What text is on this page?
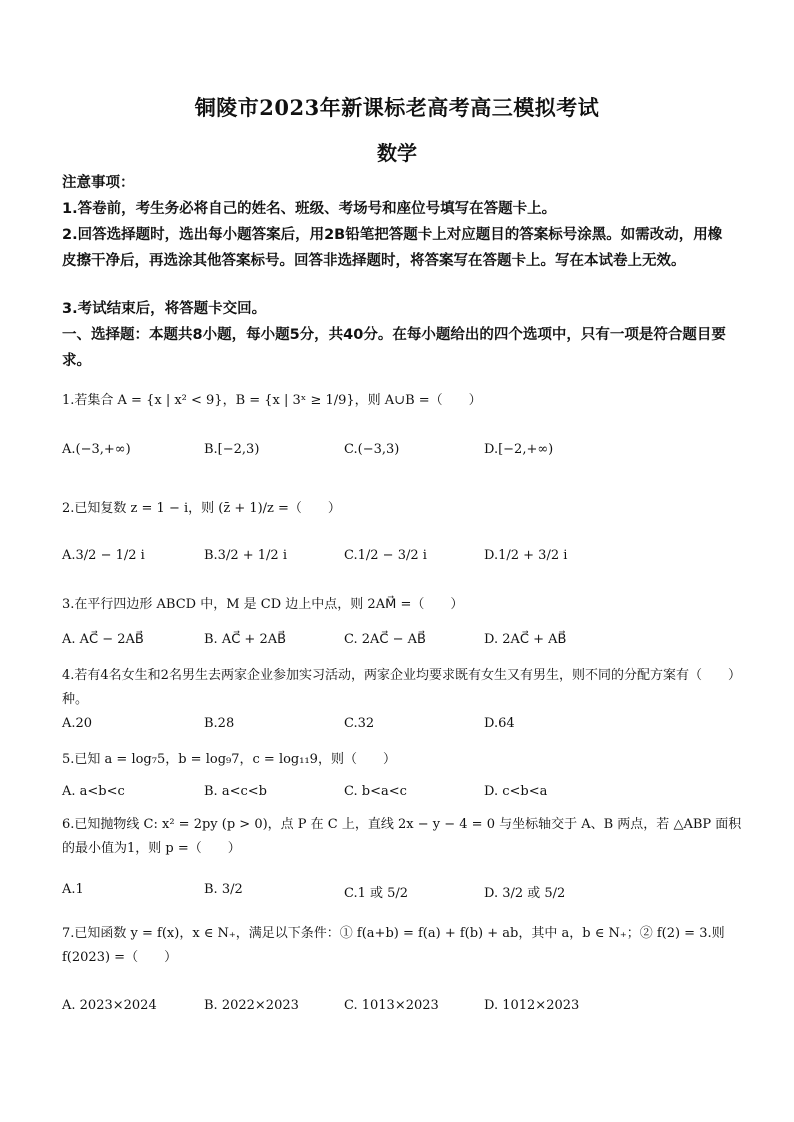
铜陵市2023年新课标老高考高三模拟考试
数学
注意事项：
1.答卷前，考生务必将自己的姓名、班级、考场号和座位号填写在答题卡上。
2.回答选择题时，选出每小题答案后，用2B铅笔把答题卡上对应题目的答案标号涂黑。如需改动，用橡皮擦干净后，再选涂其他答案标号。回答非选择题时，将答案写在答题卡上。写在本试卷上无效。
3.考试结束后，将答题卡交回。
一、选择题：本题共8小题，每小题5分，共40分。在每小题给出的四个选项中，只有一项是符合题目要求。
1.若集合 A = {x | x² < 9}，B = {x | 3ˣ ≥ 1/9}，则 A∪B =（　　）
A.(−3,+∞)	B.[−2,3)	C.(−3,3)	D.[−2,+∞)
2.已知复数 z = 1 − i，则 (z̄ + 1)/z =（　　）
A.3/2 − 1/2 i	B.3/2 + 1/2 i	C.1/2 − 3/2 i	D.1/2 + 3/2 i
3.在平行四边形 ABCD 中，M 是 CD 边上中点，则 2AM⃗ =（　　）
A. AC⃗ − 2AB⃗	B. AC⃗ + 2AB⃗	C. 2AC⃗ − AB⃗	D. 2AC⃗ + AB⃗
4.若有4名女生和2名男生去两家企业参加实习活动，两家企业均要求既有女生又有男生，则不同的分配方案有（　　）种。
A.20	B.28	C.32	D.64
5.已知 a = log₇5，b = log₉7，c = log₁₁9，则（　　）
A. a<b<c	B. a<c<b	C. b<a<c	D. c<b<a
6.已知抛物线 C: x² = 2py (p > 0)，点 P 在 C 上，直线 2x − y − 4 = 0 与坐标轴交于 A、B 两点，若 △ABP 面积的最小值为1，则 p =（　　）
A.1	B. 3/2	C.1 或 5/2	D. 3/2 或 5/2
7.已知函数 y = f(x)，x ∈ N₊，满足以下条件：① f(a+b) = f(a) + f(b) + ab，其中 a，b ∈ N₊；② f(2) = 3.则 f(2023) =（　　）
A. 2023×2024	B. 2022×2023	C. 1013×2023	D. 1012×2023
